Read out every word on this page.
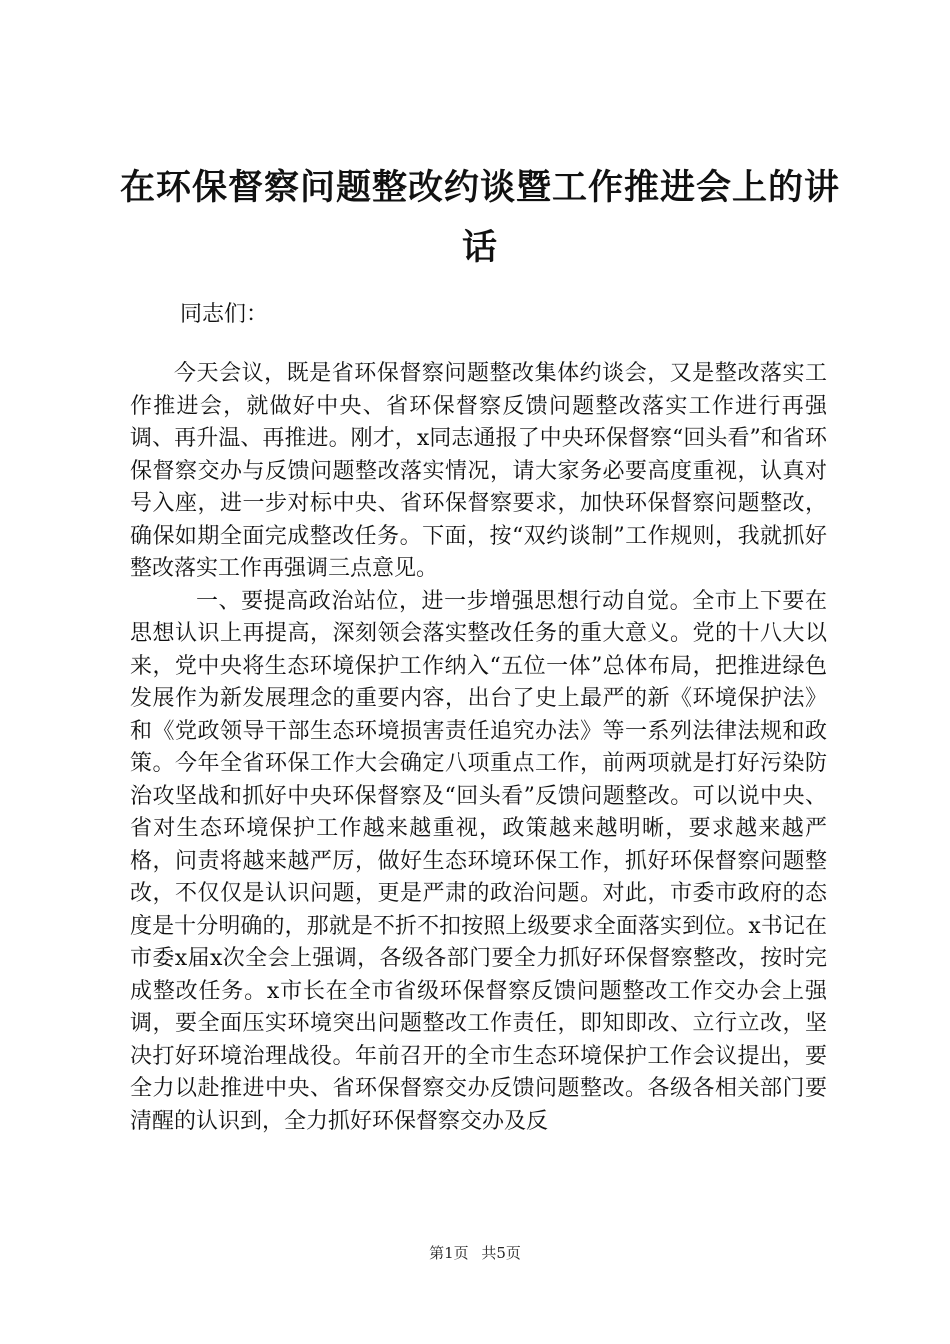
在环保督察问题整改约谈暨工作推进会上的讲话
同志们：

今天会议，既是省环保督察问题整改集体约谈会，又是整改落实工作推进会，就做好中央、省环保督察反馈问题整改落实工作进行再强调、再升温、再推进。刚才，x同志通报了中央环保督察“回头看”和省环保督察交办与反馈问题整改落实情况，请大家务必要高度重视，认真对号入座，进一步对标中央、省环保督察要求，加快环保督察问题整改，确保如期全面完成整改任务。下面，按“双约谈制”工作规则，我就抓好整改落实工作再强调三点意见。

一、要提高政治站位，进一步增强思想行动自觉。全市上下要在思想认识上再提高，深刻领会落实整改任务的重大意义。党的十八大以来，党中央将生态环境保护工作纳入“五位一体”总体布局，把推进绿色发展作为新发展理念的重要内容，出台了史上最严的新《环境保护法》和《党政领导干部生态环境损害责任追究办法》等一系列法律法规和政策。今年全省环保工作大会确定八项重点工作，前两项就是打好污染防治攻坚战和抓好中央环保督察及“回头看”反馈问题整改。可以说中央、省对生态环境保护工作越来越重视，政策越来越明晰，要求越来越严格，问责将越来越严厉，做好生态环境环保工作，抓好环保督察问题整改，不仅仅是认识问题，更是严肃的政治问题。对此，市委市政府的态度是十分明确的，那就是不折不扣按照上级要求全面落实到位。x书记在市委x届x次全会上强调，各级各部门要全力抓好环保督察整改，按时完成整改任务。x市长在全市省级环保督察反馈问题整改工作交办会上强调，要全面压实环境突出问题整改工作责任，即知即改、立行立改，坚决打好环境治理战役。年前召开的全市生态环境保护工作会议提出，要全力以赴推进中央、省环保督察交办反馈问题整改。各级各相关部门要清醒的认识到，全力抓好环保督察交办及反

第1页 共5页
